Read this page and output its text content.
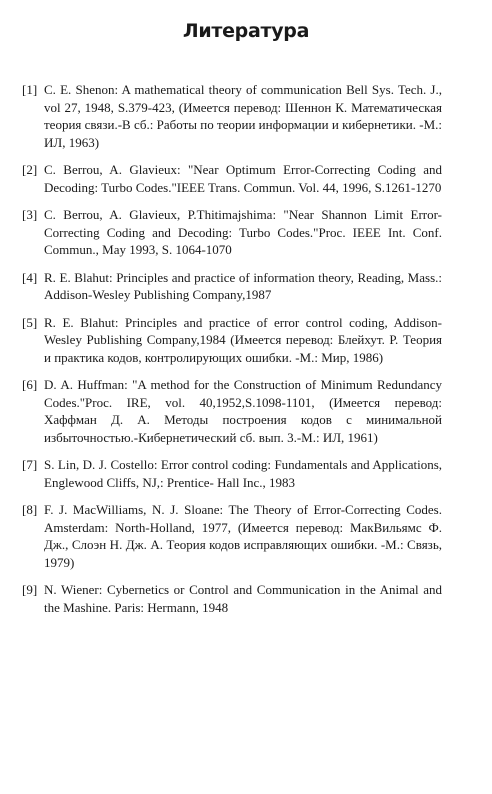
Литература
[1] C. E. Shenon: A mathematical theory of communication Bell Sys. Tech. J., vol 27, 1948, S.379-423, (Имеется перевод: Шеннон К. Математическая теория связи.-В сб.: Работы по теории информации и кибернетики. -М.: ИЛ, 1963)
[2] C. Berrou, A. Glavieux: "Near Optimum Error-Correcting Coding and Decoding: Turbo Codes."IEEE Trans. Commun. Vol. 44, 1996, S.1261-1270
[3] C. Berrou, A. Glavieux, P.Thitimajshima: "Near Shannon Limit Error-Correcting Coding and Decoding: Turbo Codes."Proc. IEEE Int. Conf. Commun., May 1993, S. 1064-1070
[4] R. E. Blahut: Principles and practice of information theory, Reading, Mass.: Addison-Wesley Publishing Company,1987
[5] R. E. Blahut: Principles and practice of error control coding, Addison-Wesley Publishing Company,1984 (Имеется перевод: Блейхут. Р. Теория и практика кодов, контролирующих ошибки. -М.: Мир, 1986)
[6] D. A. Huffman: "A method for the Construction of Minimum Redundancy Codes."Proc. IRE, vol. 40,1952,S.1098-1101, (Имеется перевод: Хаффман Д. А. Методы построения кодов с минимальной избыточностью.-Кибернетический сб. вып. 3.-М.: ИЛ, 1961)
[7] S. Lin, D. J. Costello: Error control coding: Fundamentals and Applications, Englewood Cliffs, NJ,: Prentice- Hall Inc., 1983
[8] F. J. MacWilliams, N. J. Sloane: The Theory of Error-Correcting Codes. Amsterdam: North-Holland, 1977, (Имеется перевод: МакВильямс Ф. Дж., Слоэн Н. Дж. А. Теория кодов исправляющих ошибки. -М.: Связь, 1979)
[9] N. Wiener: Cybernetics or Control and Communication in the Animal and the Mashine. Paris: Hermann, 1948
